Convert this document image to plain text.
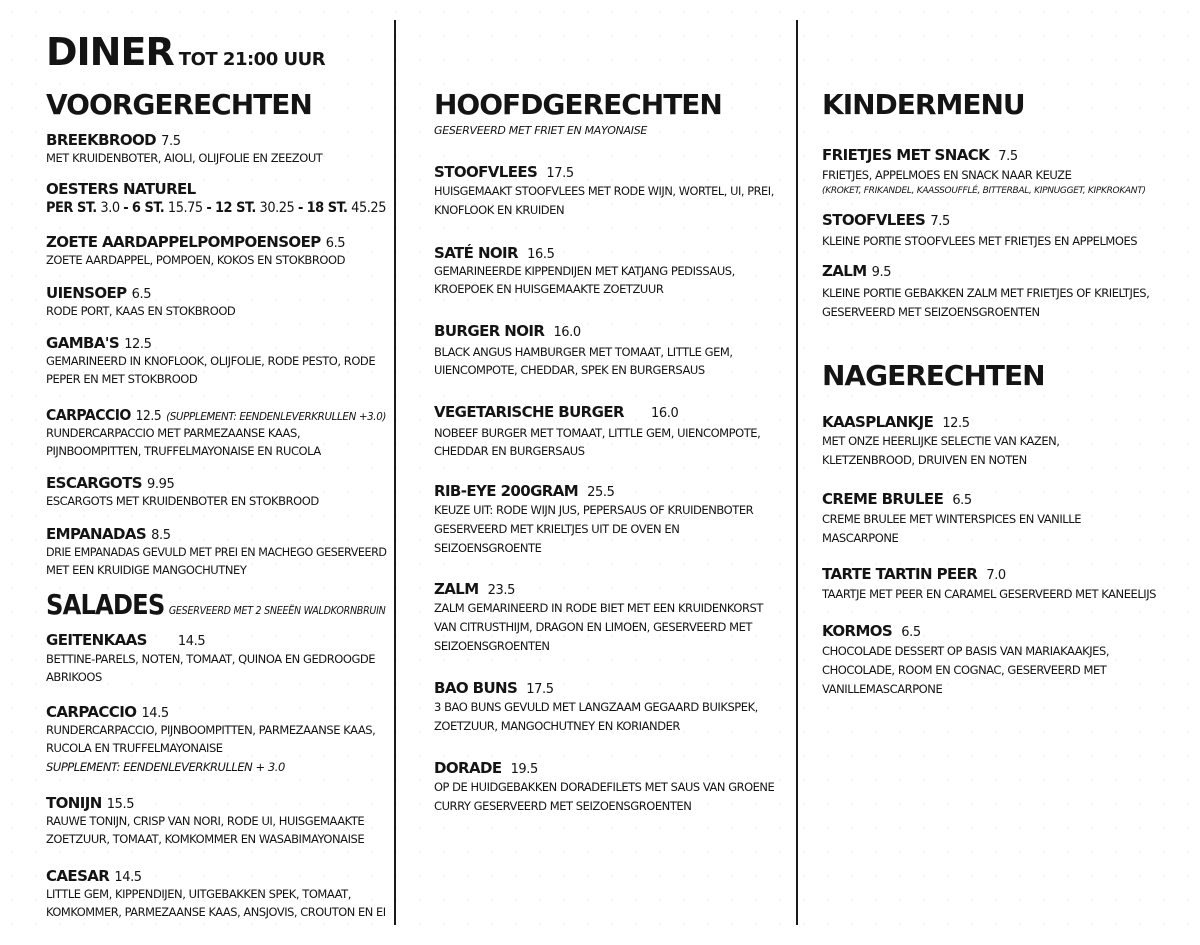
DINER TOT 21:00 UUR
VOORGERECHTEN
BREEKBROOD 7.5
MET KRUIDENBOTER, AIOLI, OLIJFOLIE EN ZEEZOUT
OESTERS NATUREL
PER ST. 3.0 - 6 ST. 15.75 - 12 ST. 30.25 - 18 ST. 45.25
ZOETE AARDAPPELPOMPOENSOEP 6.5
ZOETE AARDAPPEL, POMPOEN, KOKOS EN STOKBROOD
UIENSOEP 6.5
RODE PORT, KAAS EN STOKBROOD
GAMBA'S 12.5
GEMARINEERD IN KNOFLOOK, OLIJFOLIE, RODE PESTO, RODE
PEPER EN MET STOKBROOD
CARPACCIO 12.5 (SUPPLEMENT: EENDENLEVERKRULLEN +3.0)
RUNDERCARPACCIO MET PARMEZAANSE KAAS,
PIJNBOOMPITTEN, TRUFFELMAYONAISE EN RUCOLA
ESCARGOTS 9.95
ESCARGOTS MET KRUIDENBOTER EN STOKBROOD
EMPANADAS 8.5
DRIE EMPANADAS GEVULD MET PREI EN MACHEGO GESERVEERD
MET EEN KRUIDIGE MANGOCHUTNEY
SALADES GESERVEERD MET 2 SNEEËN WALDKORNBRUIN
GEITENKAAS 14.5
BETTINE-PARELS, NOTEN, TOMAAT, QUINOA EN GEDROOGDE
ABRIKOOS
CARPACCIO 14.5
RUNDERCARPACCIO, PIJNBOOMPITTEN, PARMEZAANSE KAAS,
RUCOLA EN TRUFFELMAYONAISE
SUPPLEMENT: EENDENLEVERKRULLEN + 3.0
TONIJN 15.5
RAUWE TONIJN, CRISP VAN NORI, RODE UI, HUISGEMAAKTE
ZOETZUUR, TOMAAT, KOMKOMMER EN WASABIMAYONAISE
CAESAR 14.5
LITTLE GEM, KIPPENDIJEN, UITGEBAKKEN SPEK, TOMAAT,
KOMKOMMER, PARMEZAANSE KAAS, ANSJOVIS, CROUTON EN EI
HOOFDGERECHTEN
GESERVEERD MET FRIET EN MAYONAISE
STOOFVLEES 17.5
HUISGEMAAKT STOOFVLEES MET RODE WIJN, WORTEL, UI, PREI,
KNOFLOOK EN KRUIDEN
SATÉ NOIR 16.5
GEMARINEERDE KIPPENDIJEN MET KATJANG PEDISSAUS,
KROEPOEK EN HUISGEMAAKTE ZOETZUUR
BURGER NOIR 16.0
BLACK ANGUS HAMBURGER MET TOMAAT, LITTLE GEM,
UIENCOMPOTE, CHEDDAR, SPEK EN BURGERSAUS
VEGETARISCHE BURGER 16.0
NOBEEF BURGER MET TOMAAT, LITTLE GEM, UIENCOMPOTE,
CHEDDAR EN BURGERSAUS
RIB-EYE 200GRAM 25.5
KEUZE UIT: RODE WIJN JUS, PEPERSAUS OF KRUIDENBOTER
GESERVEERD MET KRIELTJES UIT DE OVEN EN
SEIZOENSGROENTE
ZALM 23.5
ZALM GEMARINEERD IN RODE BIET MET EEN KRUIDENKORST
VAN CITRUSTHIJM, DRAGON EN LIMOEN, GESERVEERD MET
SEIZOENSGROENTEN
BAO BUNS 17.5
3 BAO BUNS GEVULD MET LANGZAAM GEGAARD BUIKSPEK,
ZOETZUUR, MANGOCHUTNEY EN KORIANDER
DORADE 19.5
OP DE HUIDGEBAKKEN DORADEFILETS MET SAUS VAN GROENE
CURRY GESERVEERD MET SEIZOENSGROENTEN
KINDERMENU
FRIETJES MET SNACK 7.5
FRIETJES, APPELMOES EN SNACK NAAR KEUZE
(KROKET, FRIKANDEL, KAASSOUFFLÉ, BITTERBAL, KIPNUGGET, KIPKROKANT)
STOOFVLEES 7.5
KLEINE PORTIE STOOFVLEES MET FRIETJES EN APPELMOES
ZALM 9.5
KLEINE PORTIE GEBAKKEN ZALM MET FRIETJES OF KRIELTJES,
GESERVEERD MET SEIZOENSGROENTEN
NAGERECHTEN
KAASPLANKJE 12.5
MET ONZE HEERLIJKE SELECTIE VAN KAZEN,
KLETZENBROOD, DRUIVEN EN NOTEN
CREME BRULEE 6.5
CREME BRULEE MET WINTERSPICES EN VANILLE
MASCARPONE
TARTE TARTIN PEER 7.0
TAARTJE MET PEER EN CARAMEL GESERVEERD MET KANEELIJS
KORMOS 6.5
CHOCOLADE DESSERT OP BASIS VAN MARIAKAAKJES,
CHOCOLADE, ROOM EN COGNAC, GESERVEERD MET
VANILLEMASCARPONE
